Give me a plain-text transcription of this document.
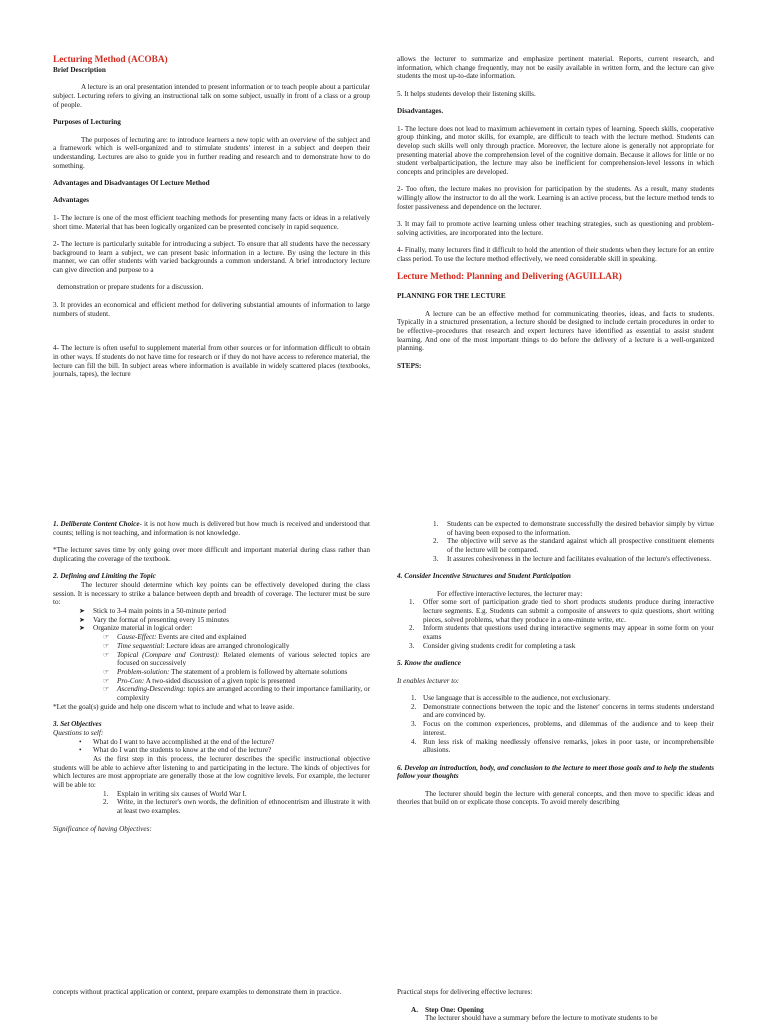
Lecturing Method (ACOBA)
Brief Description

A lecture is an oral presentation intended to present information or to teach people about a particular subject. Lecturing refers to giving an instructional talk on some subject, usually in front of a class or a group of people.

Purposes of Lecturing

The purposes of lecturing are: to introduce learners a new topic with an overview of the subject and a framework which is well-organized and to stimulate students' interest in a subject and deepen their understanding. Lectures are also to guide you in further reading and research and to demonstrate how to do something.

Advantages and Disadvantages Of Lecture Method
Advantages

1- The lecture is one of the most efficient teaching methods for presenting many facts or ideas in a relatively short time. Material that has been logically organized can be presented concisely in rapid sequence.

2- The lecture is particularly suitable for introducing a subject. To ensure that all students have the necessary background to learn a subject, we can present basic information in a lecture. By using the lecture in this manner, we can offer students with varied backgrounds a common understand. A brief introductory lecture can give direction and purpose to a

demonstration or prepare students for a discussion.

3. It provides an economical and efficient method for delivering substantial amounts of information to large numbers of student.

4- The lecture is often useful to supplement material from other sources or for information difficult to obtain in other ways. If students do not have time for research or if they do not have access to reference material, the lecture can fill the bill. In subject areas where information is available in widely scattered places (textbooks, journals, tapes), the lecture

allows the lecturer to summarize and emphasize pertinent material. Reports, current research, and information, which change frequently, may not be easily available in written form, and the lecture can give students the most up-to-date information.

5. It helps students develop their listening skills.

Disadvantages.

1- The lecture does not lead to maximum achievement in certain types of learning. Speech skills, cooperative group thinking, and motor skills, for example, are difficult to teach with the lecture method. Students can develop such skills well only through practice. Moreover, the lecture alone is generally not appropriate for presenting material above the comprehension level of the cognitive domain. Because it allows for little or no student verbalparticipation, the lecture may also be inefficient for comprehension-level lessons in which concepts and principles are developed.

2- Too often, the lecture makes no provision for participation by the students. As a result, many students willingly allow the instructor to do all the work. Learning is an active process, but the lecture method tends to foster passiveness and dependence on the lecturer.

3. It may fail to promote active learning unless other teaching strategies, such as questioning and problem-solving activities, are incorporated into the lecture.

4- Finally, many lecturers find it difficult to hold the attention of their students when they lecture for an entire class period. To use the lecture method effectively, we need considerable skill in speaking.

Lecture Method: Planning and Delivering (AGUILLAR)
PLANNING FOR THE LECTURE

A lecture can be an effective method for communicating theories, ideas, and facts to students. Typically in a structured presentation, a lecture should be designed to include certain procedures in order to be effective–procedures that research and expert lecturers have identified as essential to assist student learning. And one of the most important things to do before the delivery of a lecture is a well-organized planning.

STEPS:

1. Deliberate Content Choice- it is not how much is delivered but how much is received and understood that counts; telling is not teaching, and information is not knowledge.

*The lecturer saves time by only going over more difficult and important material during class rather than duplicating the coverage of the textbook.

2. Defining and Limiting the Topic

The lecturer should determine which key points can be effectively developed during the class session. It is necessary to strike a balance between depth and breadth of coverage. The lecturer must be sure to:

➤ Stick to 3-4 main points in a 50-minute period
➤ Vary the format of presenting every 15 minutes
➤ Organize material in logical order:
☞ Cause-Effect: Events are cited and explained
☞ Time sequential: Lecture ideas are arranged chronologically
☞ Topical (Compare and Contrast): Related elements of various selected topics are focused on successively
☞ Problem-solution: The statement of a problem is followed by alternate solutions
☞ Pro-Con: A two-sided discussion of a given topic is presented
☞ Ascending-Descending: topics are arranged according to their importance familiarity, or complexity

*Let the goal(s) guide and help one discern what to include and what to leave aside.

3. Set Objectives
Questions to self:
• What do I want to have accomplished at the end of the lecture?
• What do I want the students to know at the end of the lecture?

As the first step in this process, the lecturer describes the specific instructional objective students will be able to achieve after listening to and participating in the lecture. The kinds of objectives for which lectures are most appropriate are generally those at the low cognitive levels. For example, the lecturer will be able to:

1. Explain in writing six causes of World War I.
2. Write, in the lecturer's own words, the definition of ethnocentrism and illustrate it with at least two examples.
Significance of having Objectives:
1. Students can be expected to demonstrate successfully the desired behavior simply by virtue of having been exposed to the information.
2. The objective will serve as the standard against which all prospective constituent elements of the lecture will be compared.
3. It assures cohesiveness in the lecture and facilitates evaluation of the lecture's effectiveness.
4. Consider Incentive Structures and Student Participation

For effective interactive lectures, the lecturer may:

1. Offer some sort of participation grade tied to short products students produce during interactive lecture segments. E.g. Students can submit a composite of answers to quiz questions, short writing pieces, solved problems, what they produce in a one-minute write, etc.
2. Inform students that questions used during interactive segments may appear in some form on your exams
3. Consider giving students credit for completing a task
5. Know the audience
It enables lecturer to:
1. Use language that is accessible to the audience, not exclusionary.
2. Demonstrate connections between the topic and the listener' concerns in terms students understand and are convinced by.
3. Focus on the common experiences, problems, and dilemmas of the audience and to keep their interest.
4. Run less risk of making needlessly offensive remarks, jokes in poor taste, or incomprehensible allusions.
6. Develop an introduction, body, and conclusion to the lecture to meet those goals and to help the students follow your thoughts

The lecturer should begin the lecture with general concepts, and then move to specific ideas and theories that build on or explicate those concepts. To avoid merely describing

concepts without practical application or context, prepare examples to demonstrate them in practice.	Practical steps for delivering effective lectures:
A. Step One: Opening
The lecturer should have a summary before the lecture to motivate students to be
